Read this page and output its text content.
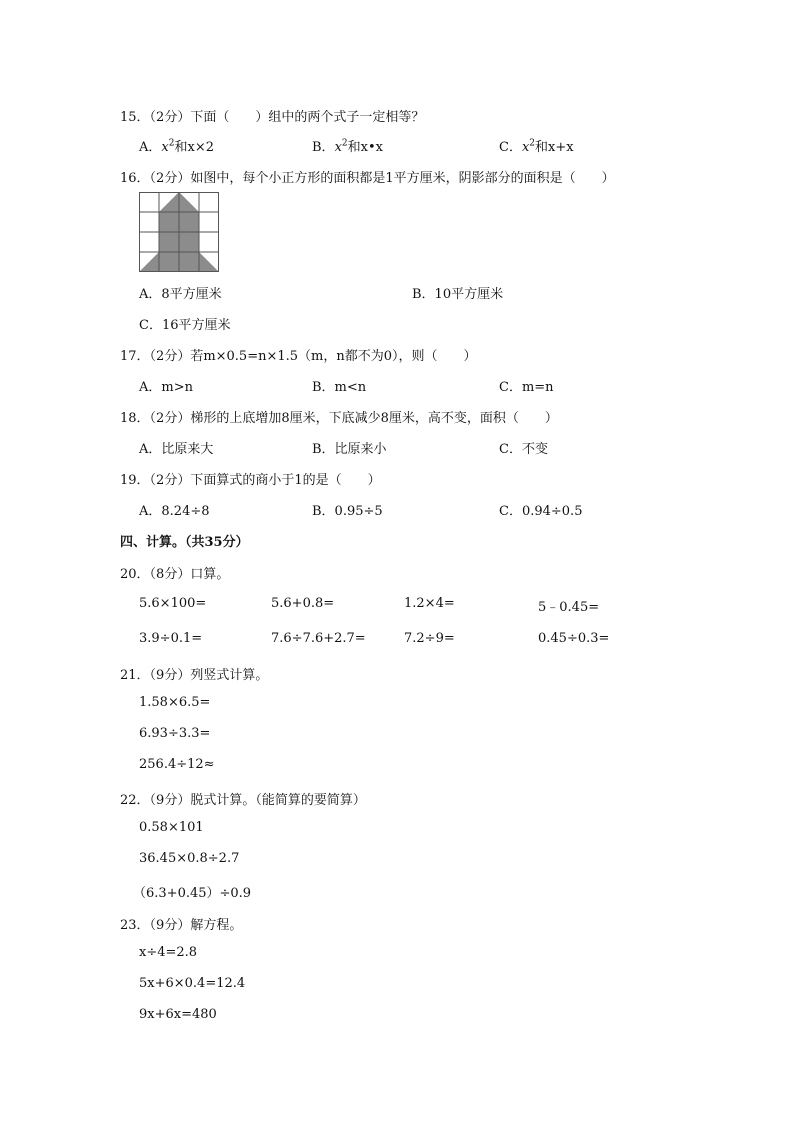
15．（2分）下面（　　）组中的两个式子一定相等？
A．$x^2$和x×2	B．$x^2$和x•x	C．$x^2$和x+x
16．（2分）如图中，每个小正方形的面积都是1平方厘米，阴影部分的面积是（　　）
A．8平方厘米	B．10平方厘米
C．16平方厘米
17．（2分）若m×0.5=n×1.5（m，n都不为0），则（　　）
A．m>n	B．m<n	C．m=n
18．（2分）梯形的上底增加8厘米，下底减少8厘米，高不变，面积（　　）
A．比原来大	B．比原来小	C．不变
19．（2分）下面算式的商小于1的是（　　）
A．8.24÷8	B．0.95÷5	C．0.94÷0.5
四、计算。（共35分）
20．（8分）口算。
5.6×100=	5.6+0.8=	1.2×4=	5﹣0.45=
3.9÷0.1=	7.6÷7.6+2.7=	7.2÷9=	0.45÷0.3=
21．（9分）列竖式计算。
1.58×6.5=
6.93÷3.3=
256.4÷12≈
22．（9分）脱式计算。（能简算的要简算）
0.58×101
36.45×0.8÷2.7
（6.3+0.45）÷0.9
23．（9分）解方程。
x÷4=2.8
5x+6×0.4=12.4
9x+6x=480
